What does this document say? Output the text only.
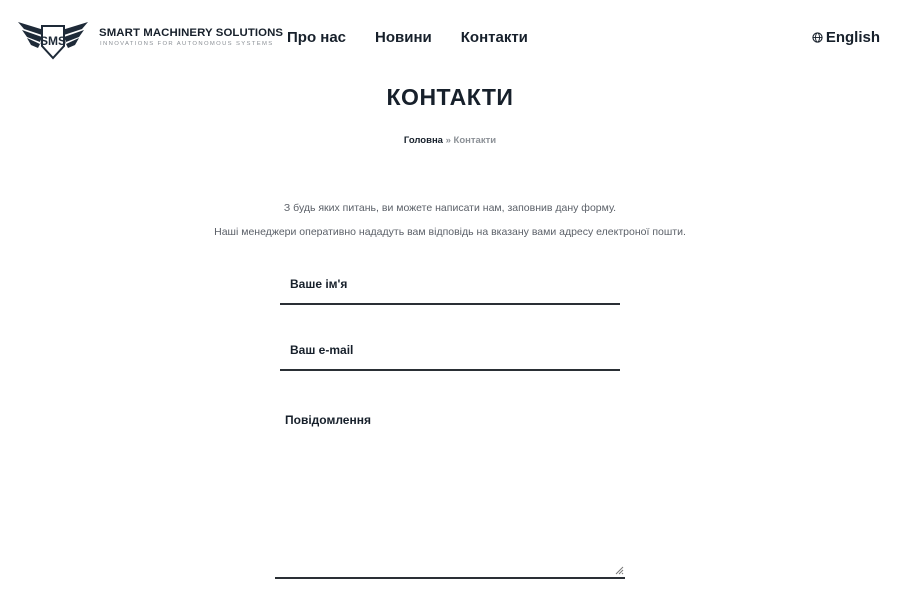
SMS
SMART MACHINERY SOLUTIONS
INNOVATIONS FOR AUTONOMOUS SYSTEMS Про нас Новини Контакти	English
КОНТАКТИ
Головна » Контакти

З будь яких питань, ви можете написати нам, заповнив дану форму.

Наші менеджери оперативно нададуть вам відповідь на вказану вами адресу електроної пошти.

Ваше ім'я
Ваш e-mail
Повідомлення
